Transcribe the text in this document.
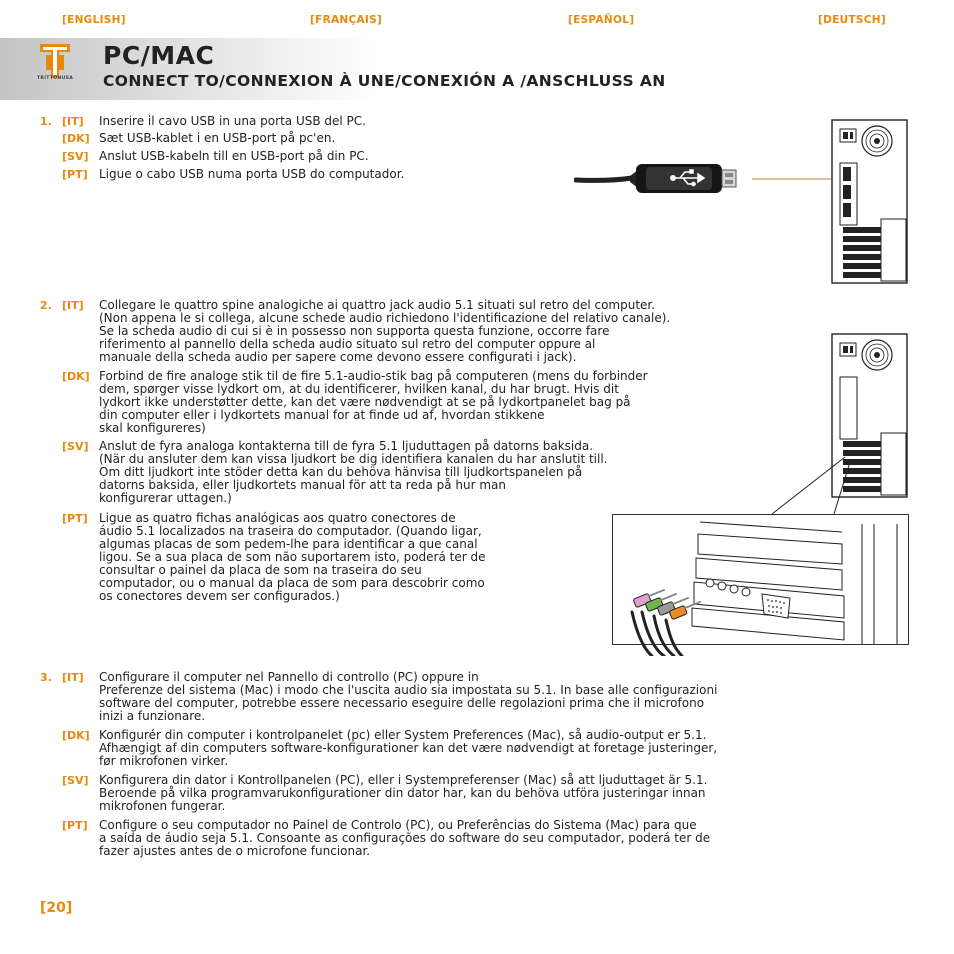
[ENGLISH]	[FRANÇAIS]	[ESPAÑOL]	[DEUTSCH]
TRITTONUSA
PC/MAC
CONNECT TO/CONNEXION À UNE/CONEXIÓN A /ANSCHLUSS AN
1. [IT] Inserire il cavo USB in una porta USB del PC.

[DK] Sæt USB-kablet i en USB-port på pc'en.

[SV] Anslut USB-kabeln till en USB-port på din PC.

[PT] Ligue o cabo USB numa porta USB do computador.

2. [IT] Collegare le quattro spine analogiche ai quattro jack audio 5.1 situati sul retro del computer.
(Non appena le si collega, alcune schede audio richiedono l'identificazione del relativo canale).
Se la scheda audio di cui si è in possesso non supporta questa funzione, occorre fare
riferimento al pannello della scheda audio situato sul retro del computer oppure al
manuale della scheda audio per sapere come devono essere configurati i jack).

[DK] Forbind de fire analoge stik til de fire 5.1-audio-stik bag på computeren (mens du forbinder
dem, spørger visse lydkort om, at du identificerer, hvilken kanal, du har brugt. Hvis dit
lydkort ikke understøtter dette, kan det være nødvendigt at se på lydkortpanelet bag på
din computer eller i lydkortets manual for at finde ud af, hvordan stikkene
skal konfigureres)

[SV] Anslut de fyra analoga kontakterna till de fyra 5.1 ljuduttagen på datorns baksida.
(När du ansluter dem kan vissa ljudkort be dig identifiera kanalen du har anslutit till.
Om ditt ljudkort inte stöder detta kan du behöva hänvisa till ljudkortspanelen på
datorns baksida, eller ljudkortets manual för att ta reda på hur man
konfigurerar uttagen.)

[PT] Ligue as quatro fichas analógicas aos quatro conectores de
áudio 5.1 localizados na traseira do computador. (Quando ligar,
algumas placas de som pedem-lhe para identificar a que canal
ligou. Se a sua placa de som não suportarem isto, poderá ter de
consultar o painel da placa de som na traseira do seu
computador, ou o manual da placa de som para descobrir como
os conectores devem ser configurados.)

3. [IT] Configurare il computer nel Pannello di controllo (PC) oppure in
Preferenze del sistema (Mac) i modo che l'uscita audio sia impostata su 5.1. In base alle configurazioni
software del computer, potrebbe essere necessario eseguire delle regolazioni prima che il microfono
inizi a funzionare.

[DK] Konfigurér din computer i kontrolpanelet (pc) eller System Preferences (Mac), så audio-output er 5.1.
Afhængigt af din computers software-konfigurationer kan det være nødvendigt at foretage justeringer,
før mikrofonen virker.

[SV] Konfigurera din dator i Kontrollpanelen (PC), eller i Systempreferenser (Mac) så att ljuduttaget är 5.1.
Beroende på vilka programvarukonfigurationer din dator har, kan du behöva utföra justeringar innan
mikrofonen fungerar.

[PT] Configure o seu computador no Painel de Controlo (PC), ou Preferências do Sistema (Mac) para que
a saída de áudio seja 5.1. Consoante as configurações do software do seu computador, poderá ter de
fazer ajustes antes de o microfone funcionar.

[20]
